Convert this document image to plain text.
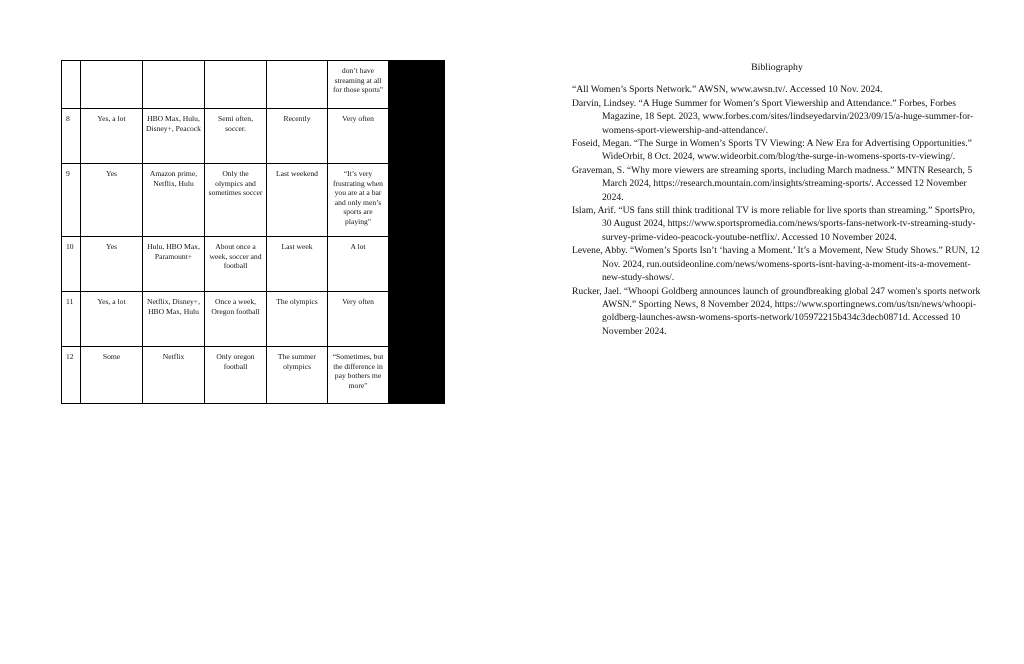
					don’t have streaming at all for those sports"	
8	Yes, a lot	HBO Max, Hulu, Disney+, Peacock	Semi often, soccer.	Recently	Very often	
9	Yes	Amazon prime, Netflix, Hulu	Only the olympics and sometimes soccer	Last weekend	“It’s very frustrating when you are at a bar and only men’s sports are playing"	
10	Yes	Hulu, HBO Max, Paramount+	About once a week, soccer and football	Last week	A lot	
11	Yes, a lot	Netflix, Disney+, HBO Max, Hulu	Once a week, Oregon football	The olympics	Very often	
12	Some	Netflix	Only oregon football	The summer olympics	“Sometimes, but the difference in pay bothers me more"	
Bibliography

“All Women’s Sports Network.” AWSN, www.awsn.tv/. Accessed 10 Nov. 2024.

Darvin, Lindsey. “A Huge Summer for Women’s Sport Viewership and Attendance.” Forbes, Forbes Magazine, 18 Sept. 2023, www.forbes.com/sites/lindseyedarvin/2023/09/15/a-huge-summer-for-womens-sport-viewership-and-attendance/.

Foseid, Megan. “The Surge in Women’s Sports TV Viewing: A New Era for Advertising Opportunities.” WideOrbit, 8 Oct. 2024, www.wideorbit.com/blog/the-surge-in-womens-sports-tv-viewing/.

Graveman, S. “Why more viewers are streaming sports, including March madness.” MNTN Research, 5 March 2024, https://research.mountain.com/insights/streaming-sports/. Accessed 12 November 2024.

Islam, Arif. “US fans still think traditional TV is more reliable for live sports than streaming.” SportsPro, 30 August 2024, https://www.sportspromedia.com/news/sports-fans-network-tv-streaming-study-survey-prime-video-peacock-youtube-netflix/. Accessed 10 November 2024.

Levene, Abby. “Women’s Sports Isn’t ‘having a Moment.’ It’s a Movement, New Study Shows.” RUN, 12 Nov. 2024, run.outsideonline.com/news/womens-sports-isnt-having-a-moment-its-a-movement-new-study-shows/.

Rucker, Jael. “Whoopi Goldberg announces launch of groundbreaking global 247 women's sports network AWSN.” Sporting News, 8 November 2024, https://www.sportingnews.com/us/tsn/news/whoopi-goldberg-launches-awsn-womens-sports-network/105972215b434c3decb0871d. Accessed 10 November 2024.
